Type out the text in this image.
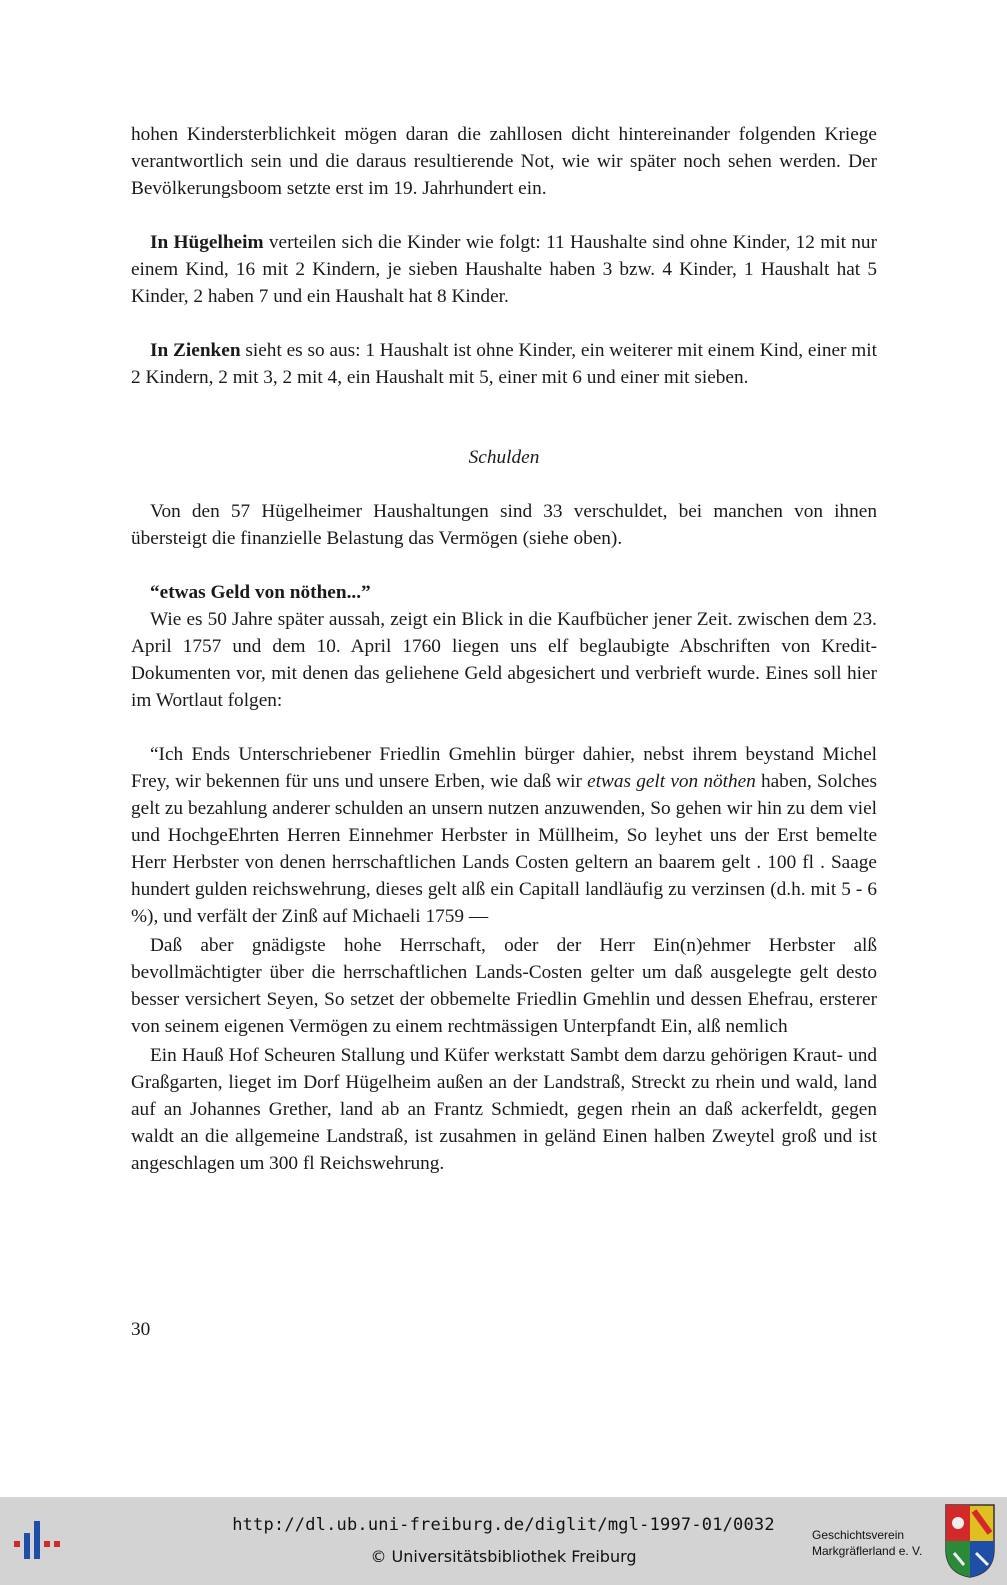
hohen Kindersterblichkeit mögen daran die zahllosen dicht hintereinander folgenden Kriege verantwortlich sein und die daraus resultierende Not, wie wir später noch sehen werden. Der Bevölkerungsboom setzte erst im 19. Jahrhundert ein.

In Hügelheim verteilen sich die Kinder wie folgt: 11 Haushalte sind ohne Kinder, 12 mit nur einem Kind, 16 mit 2 Kindern, je sieben Haushalte haben 3 bzw. 4 Kinder, 1 Haushalt hat 5 Kinder, 2 haben 7 und ein Haushalt hat 8 Kinder.

In Zienken sieht es so aus: 1 Haushalt ist ohne Kinder, ein weiterer mit einem Kind, einer mit 2 Kindern, 2 mit 3, 2 mit 4, ein Haushalt mit 5, einer mit 6 und einer mit sieben.

Schulden

Von den 57 Hügelheimer Haushaltungen sind 33 verschuldet, bei manchen von ihnen übersteigt die finanzielle Belastung das Vermögen (siehe oben).

“etwas Geld von nöthen...”

Wie es 50 Jahre später aussah, zeigt ein Blick in die Kaufbücher jener Zeit. zwischen dem 23. April 1757 und dem 10. April 1760 liegen uns elf beglaubigte Abschriften von Kredit-Dokumenten vor, mit denen das geliehene Geld abgesichert und verbrieft wurde. Eines soll hier im Wortlaut folgen:

“Ich Ends Unterschriebener Friedlin Gmehlin bürger dahier, nebst ihrem beystand Michel Frey, wir bekennen für uns und unsere Erben, wie daß wir etwas gelt von nöthen haben, Solches gelt zu bezahlung anderer schulden an unsern nutzen anzuwenden, So gehen wir hin zu dem viel und HochgeEhrten Herren Einnehmer Herbster in Müllheim, So leyhet uns der Erst bemelte Herr Herbster von denen herrschaftlichen Lands Costen geltern an baarem gelt . 100 fl . Saage hundert gulden reichswehrung, dieses gelt alß ein Capitall landläufig zu verzinsen (d.h. mit 5 - 6 %), und verfält der Zinß auf Michaeli 1759 —

Daß aber gnädigste hohe Herrschaft, oder der Herr Ein(n)ehmer Herbster alß bevollmächtigter über die herrschaftlichen Lands-Costen gelter um daß ausgelegte gelt desto besser versichert Seyen, So setzet der obbemelte Friedlin Gmehlin und dessen Ehefrau, ersterer von seinem eigenen Vermögen zu einem rechtmässigen Unterpfandt Ein, alß nemlich

Ein Hauß Hof Scheuren Stallung und Küfer werkstatt Sambt dem darzu gehörigen Kraut- und Graßgarten, lieget im Dorf Hügelheim außen an der Landstraß, Streckt zu rhein und wald, land auf an Johannes Grether, land ab an Frantz Schmiedt, gegen rhein an daß ackerfeldt, gegen waldt an die allgemeine Landstraß, ist zusahmen in geländ Einen halben Zweytel groß und ist angeschlagen um 300 fl Reichswehrung.

30
http://dl.ub.uni-freiburg.de/diglit/mgl-1997-01/0032
© Universitätsbibliothek Freiburg
Geschichtsverein
Markgräflerland e. V.
